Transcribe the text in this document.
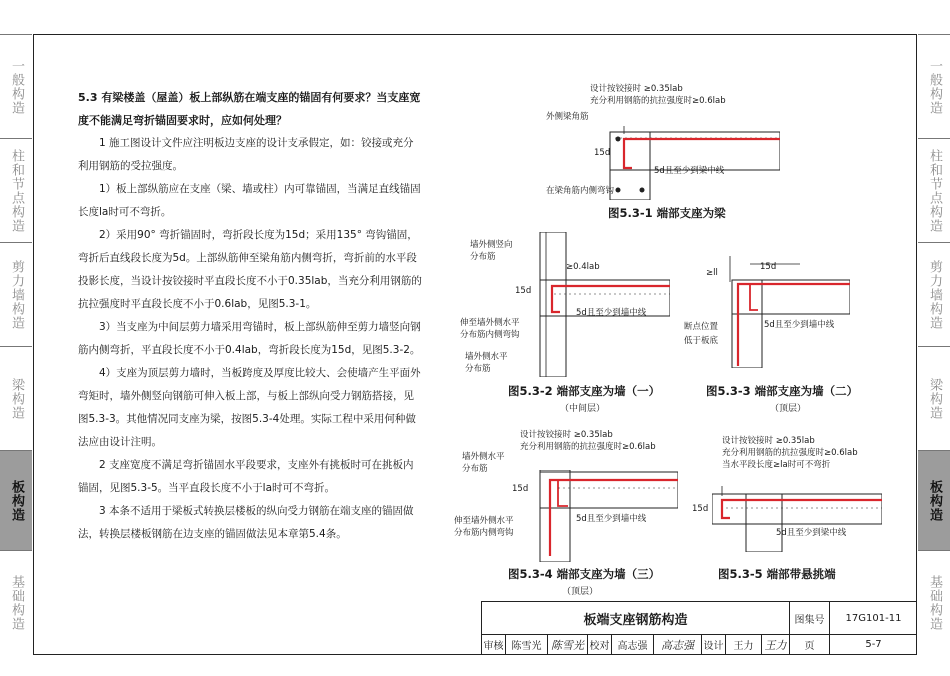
一般构造
柱和节点构造
剪力墙构造
梁构造
板构造
基础构造
一般构造
柱和节点构造
剪力墙构造
梁构造
板构造
基础构造

5.3 有梁楼盖（屋盖）板上部纵筋在端支座的锚固有何要求？当支座宽度不能满足弯折锚固要求时，应如何处理？

1 施工图设计文件应注明板边支座的设计支承假定，如：铰接或充分利用钢筋的受拉强度。

1）板上部纵筋应在支座（梁、墙或柱）内可靠锚固，当满足直线锚固长度la时可不弯折。

2）采用90° 弯折锚固时，弯折段长度为15d；采用135° 弯钩锚固，弯折后直线段长度为5d。上部纵筋伸至梁角筋内侧弯折，弯折前的水平段投影长度，当设计按铰接时平直段长度不小于0.35lab，当充分利用钢筋的抗拉强度时平直段长度不小于0.6lab，见图5.3-1。

3）当支座为中间层剪力墙采用弯锚时，板上部纵筋伸至剪力墙竖向钢筋内侧弯折，平直段长度不小于0.4lab，弯折段长度为15d，见图5.3-2。

4）支座为顶层剪力墙时，当板跨度及厚度比较大、会使墙产生平面外弯矩时，墙外侧竖向钢筋可伸入板上部，与板上部纵向受力钢筋搭接，见图5.3-3。其他情况同支座为梁，按图5.3-4处理。实际工程中采用何种做法应由设计注明。

2 支座宽度不满足弯折锚固水平段要求，支座外有挑板时可在挑板内锚固，见图5.3-5。当平直段长度不小于la时可不弯折。

3 本条不适用于梁板式转换层楼板的纵向受力钢筋在端支座的锚固做法，转换层楼板钢筋在边支座的锚固做法见本章第5.4条。

设计按铰接时 ≥0.35lab
充分利用钢筋的抗拉强度时≥0.6lab
外侧梁角筋
15d
5d且至少到梁中线
在梁角筋内侧弯钩
图5.3-1 端部支座为梁
墙外侧竖向
分布筋
≥0.4lab
15d
伸至墙外侧水平
分布筋内侧弯钩
5d且至少到墙中线
墙外侧水平
分布筋
图5.3-2 端部支座为墙（一）
（中间层）
15d
≥ll
断点位置
低于板底
5d且至少到墙中线
图5.3-3 端部支座为墙（二）
（顶层）
设计按铰接时 ≥0.35lab
充分利用钢筋的抗拉强度时≥0.6lab
墙外侧水平
分布筋
15d
伸至墙外侧水平
分布筋内侧弯钩
5d且至少到墙中线
图5.3-4 端部支座为墙（三）
（顶层）
设计按铰接时 ≥0.35lab
充分利用钢筋的抗拉强度时≥0.6lab
当水平段长度≥la时可不弯折
15d
5d且至少到梁中线
图5.3-5 端部带悬挑端
板端支座钢筋构造	图集号	17G101-11
审核 陈雪光 陈雪光 校对 高志强	高志强 设计	王力	王力	页	5-7
